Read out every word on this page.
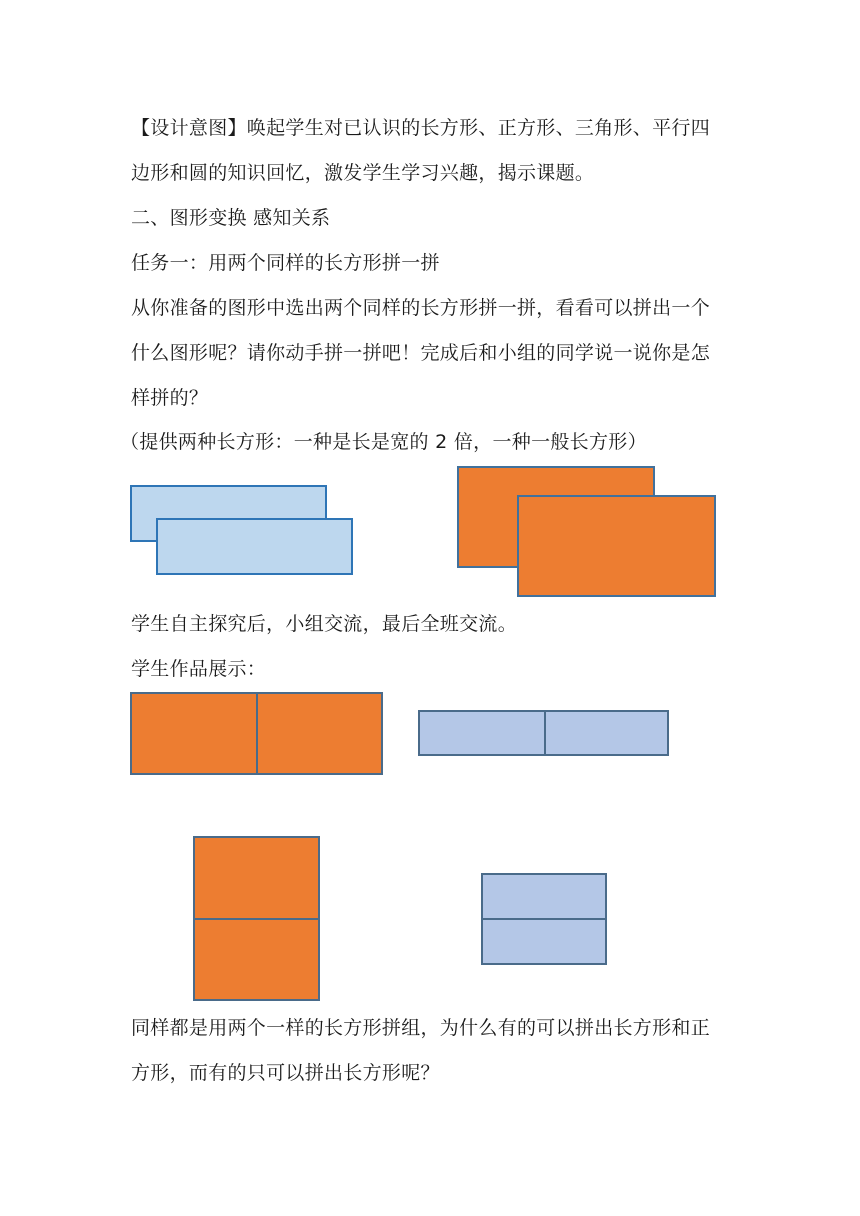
【设计意图】唤起学生对已认识的长方形、正方形、三角形、平行四
边形和圆的知识回忆，激发学生学习兴趣，揭示课题。
二、图形变换 感知关系
任务一：用两个同样的长方形拼一拼
从你准备的图形中选出两个同样的长方形拼一拼，看看可以拼出一个
什么图形呢？请你动手拼一拼吧！完成后和小组的同学说一说你是怎
样拼的？
（提供两种长方形：一种是长是宽的 2 倍，一种一般长方形）
学生自主探究后，小组交流，最后全班交流。
学生作品展示：
同样都是用两个一样的长方形拼组，为什么有的可以拼出长方形和正
方形，而有的只可以拼出长方形呢？
